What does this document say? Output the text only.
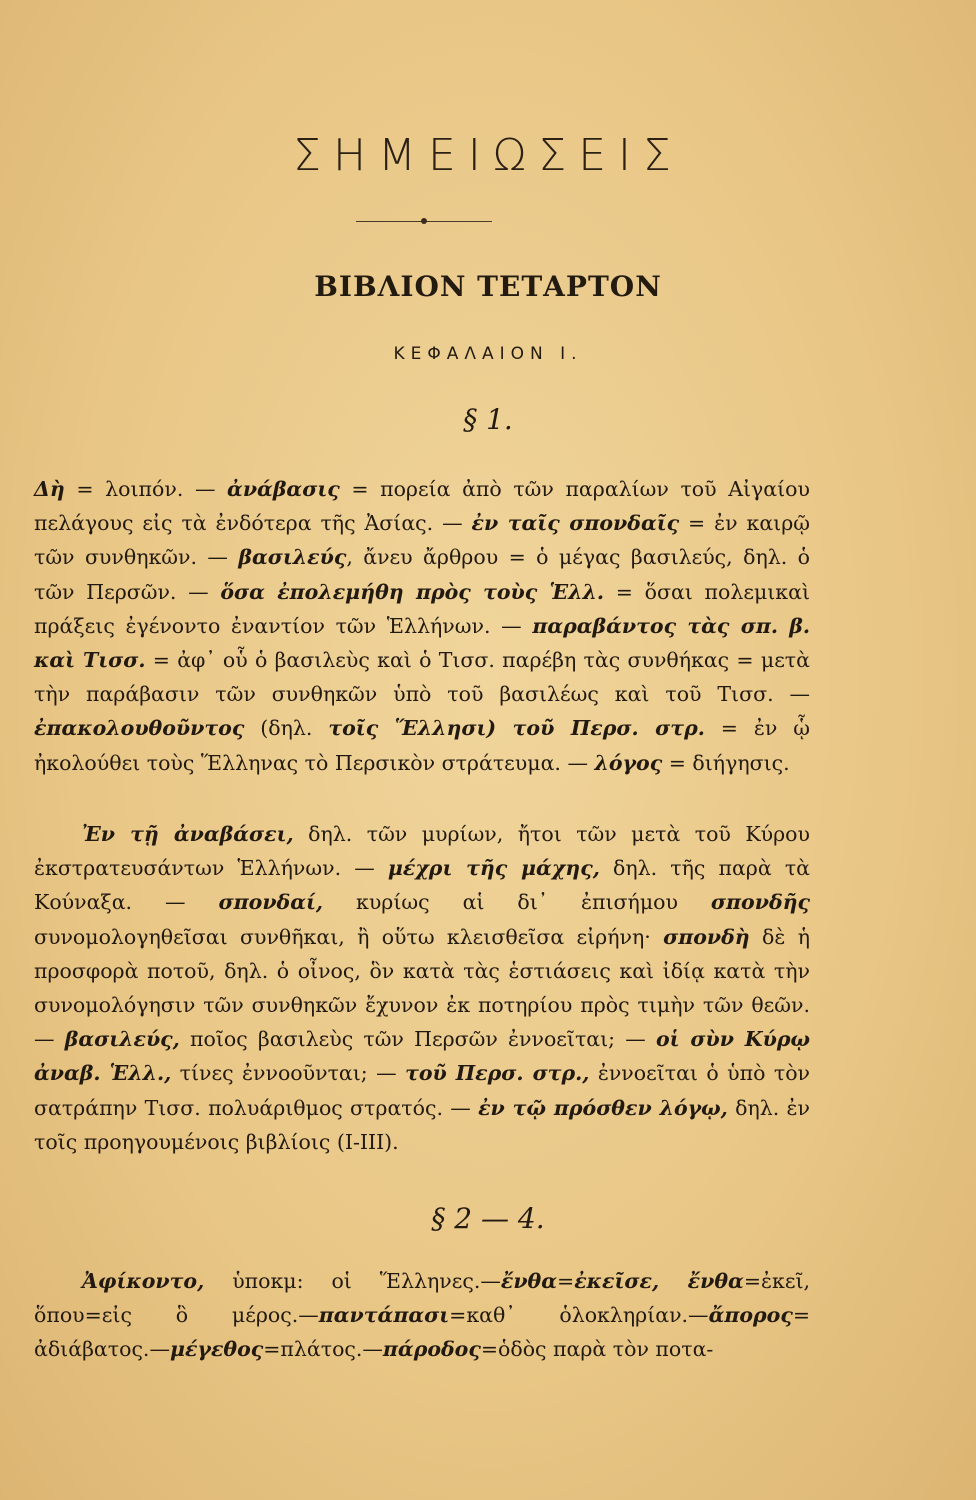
ΣΗΜΕΙΩΣΕΙΣ
ΒΙΒΛΙΟΝ ΤΕΤΑΡΤΟΝ
ΚΕΦΑΛΑΙΟΝ Ι.
§ 1.
Δὴ = λοιπόν. — ἀνάβασις = πορεία ἀπὸ τῶν παραλίων τοῦ Αἰγαίου πελάγους εἰς τὰ ἐνδότερα τῆς Ἀσίας. — ἐν ταῖς σπονδαῖς = ἐν καιρῷ τῶν συνθηκῶν. — βασιλεύς, ἄνευ ἄρθρου = ὁ μέγας βασιλεύς, δηλ. ὁ τῶν Περσῶν. — ὅσα ἐπολεμήθη πρὸς τοὺς Ἑλλ. = ὅσαι πολεμικαὶ πράξεις ἐγένοντο ἐναντίον τῶν Ἑλλήνων. — παραβάντος τὰς σπ. β. καὶ Τισσ. = ἀφ᾽ οὗ ὁ βασιλεὺς καὶ ὁ Τισσ. παρέβη τὰς συνθήκας = μετὰ τὴν παράβασιν τῶν συνθηκῶν ὑπὸ τοῦ βασιλέως καὶ τοῦ Τισσ. — ἐπακολουθοῦντος (δηλ. τοῖς Ἕλλησι) τοῦ Περσ. στρ. = ἐν ᾧ ἠκολούθει τοὺς Ἕλληνας τὸ Περσικὸν στράτευμα. — λόγος = διήγησις.
Ἐν τῇ ἀναβάσει, δηλ. τῶν μυρίων, ἤτοι τῶν μετὰ τοῦ Κύρου ἐκστρατευσάντων Ἑλλήνων. — μέχρι τῆς μάχης, δηλ. τῆς παρὰ τὰ Κούναξα. — σπονδαί, κυρίως αἱ δι᾽ ἐπισήμου σπονδῆς συνομολογηθεῖσαι συνθῆκαι, ἢ οὕτω κλεισθεῖσα εἰρήνη· σπονδὴ δὲ ἡ προσφορὰ ποτοῦ, δηλ. ὁ οἶνος, ὃν κατὰ τὰς ἑστιάσεις καὶ ἰδίᾳ κατὰ τὴν συνομολόγησιν τῶν συνθηκῶν ἔχυνον ἐκ ποτηρίου πρὸς τιμὴν τῶν θεῶν. — βασιλεύς, ποῖος βασιλεὺς τῶν Περσῶν ἐννοεῖται; — οἱ σὺν Κύρῳ ἀναβ. Ἑλλ., τίνες ἐννοοῦνται; — τοῦ Περσ. στρ., ἐννοεῖται ὁ ὑπὸ τὸν σατράπην Τισσ. πολυάριθμος στρατός. — ἐν τῷ πρόσθεν λόγῳ, δηλ. ἐν τοῖς προηγουμένοις βιβλίοις (I-III).
§ 2 — 4.
Ἀφίκοντο, ὑποκμ: οἱ Ἕλληνες.—ἔνθα=ἐκεῖσε, ἔνθα=ἐκεῖ, ὅπου=εἰς ὃ μέρος.—παντάπασι=καθ᾽ ὁλοκληρίαν.—ἄπορος= ἀδιάβατος.—μέγεθος=πλάτος.—πάροδος=ὁδὸς παρὰ τὸν ποτα-
